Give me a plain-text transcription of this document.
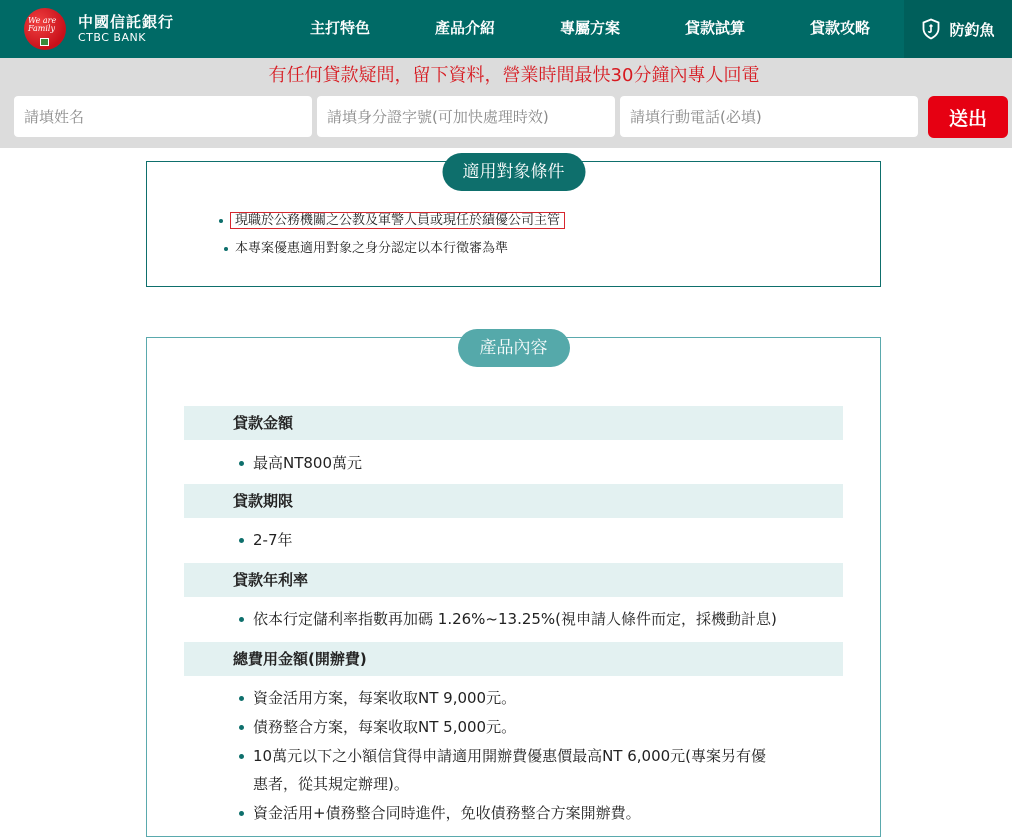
We are Family	中國信託銀行
CTBC BANK
主打特色	產品介紹	專屬方案	貸款試算	貸款攻略	防釣魚
有任何貸款疑問，留下資料，營業時間最快30分鐘內專人回電
請填姓名
請填身分證字號(可加快處理時效)
請填行動電話(必填)
送出
適用對象條件
現職於公務機關之公教及軍警人員或現任於績優公司主管
本專案優惠適用對象之身分認定以本行徵審為準
產品內容
貸款金額
最高NT800萬元
貸款期限
2-7年
貸款年利率
依本行定儲利率指數再加碼 1.26%~13.25%(視申請人條件而定，採機動計息)
總費用金額(開辦費)
資金活用方案，每案收取NT 9,000元。
債務整合方案，每案收取NT 5,000元。
10萬元以下之小額信貸得申請適用開辦費優惠價最高NT 6,000元(專案另有優
惠者，從其規定辦理)。
資金活用+債務整合同時進件，免收債務整合方案開辦費。
